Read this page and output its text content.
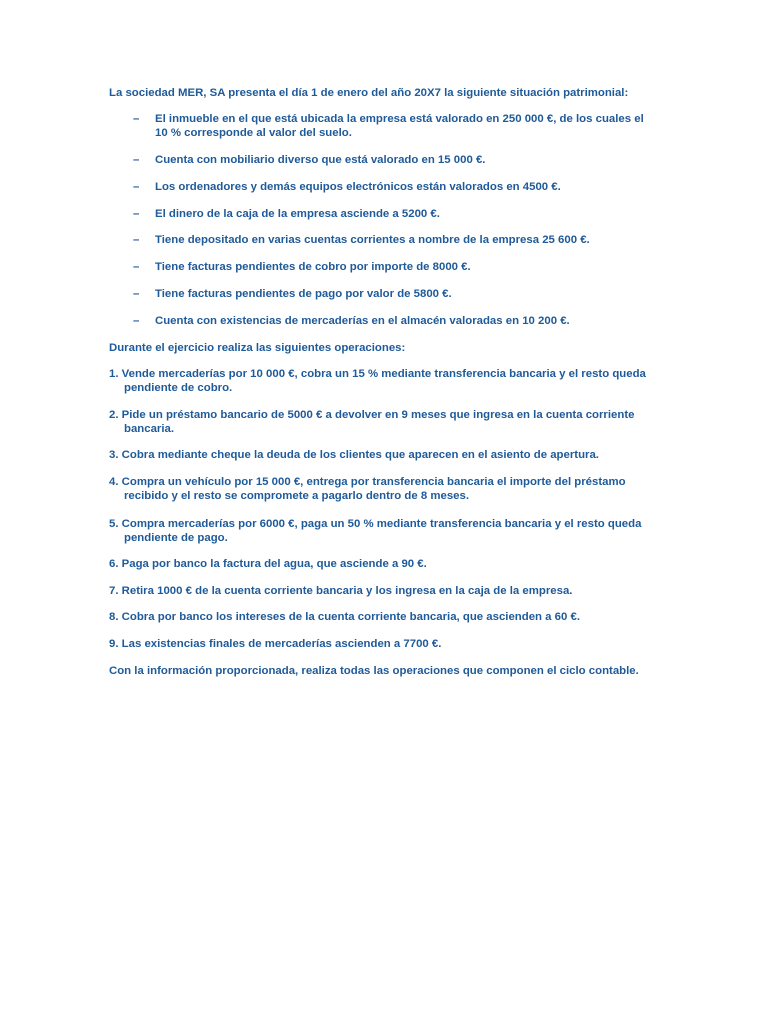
La sociedad MER, SA presenta el día 1 de enero del año 20X7 la siguiente situación patrimonial:

– El inmueble en el que está ubicada la empresa está valorado en 250 000 €, de los cuales el
10 % corresponde al valor del suelo.
– Cuenta con mobiliario diverso que está valorado en 15 000 €.
– Los ordenadores y demás equipos electrónicos están valorados en 4500 €.
– El dinero de la caja de la empresa asciende a 5200 €.
– Tiene depositado en varias cuentas corrientes a nombre de la empresa 25 600 €.
– Tiene facturas pendientes de cobro por importe de 8000 €.
– Tiene facturas pendientes de pago por valor de 5800 €.
– Cuenta con existencias de mercaderías en el almacén valoradas en 10 200 €.

Durante el ejercicio realiza las siguientes operaciones:

1. Vende mercaderías por 10 000 €, cobra un 15 % mediante transferencia bancaria y el resto queda
pendiente de cobro.
2. Pide un préstamo bancario de 5000 € a devolver en 9 meses que ingresa en la cuenta corriente
bancaria.
3. Cobra mediante cheque la deuda de los clientes que aparecen en el asiento de apertura.
4. Compra un vehículo por 15 000 €, entrega por transferencia bancaria el importe del préstamo
recibido y el resto se compromete a pagarlo dentro de 8 meses.
5. Compra mercaderías por 6000 €, paga un 50 % mediante transferencia bancaria y el resto queda
pendiente de pago.
6. Paga por banco la factura del agua, que asciende a 90 €.
7. Retira 1000 € de la cuenta corriente bancaria y los ingresa en la caja de la empresa.
8. Cobra por banco los intereses de la cuenta corriente bancaria, que ascienden a 60 €.
9. Las existencias finales de mercaderías ascienden a 7700 €.

Con la información proporcionada, realiza todas las operaciones que componen el ciclo contable.
